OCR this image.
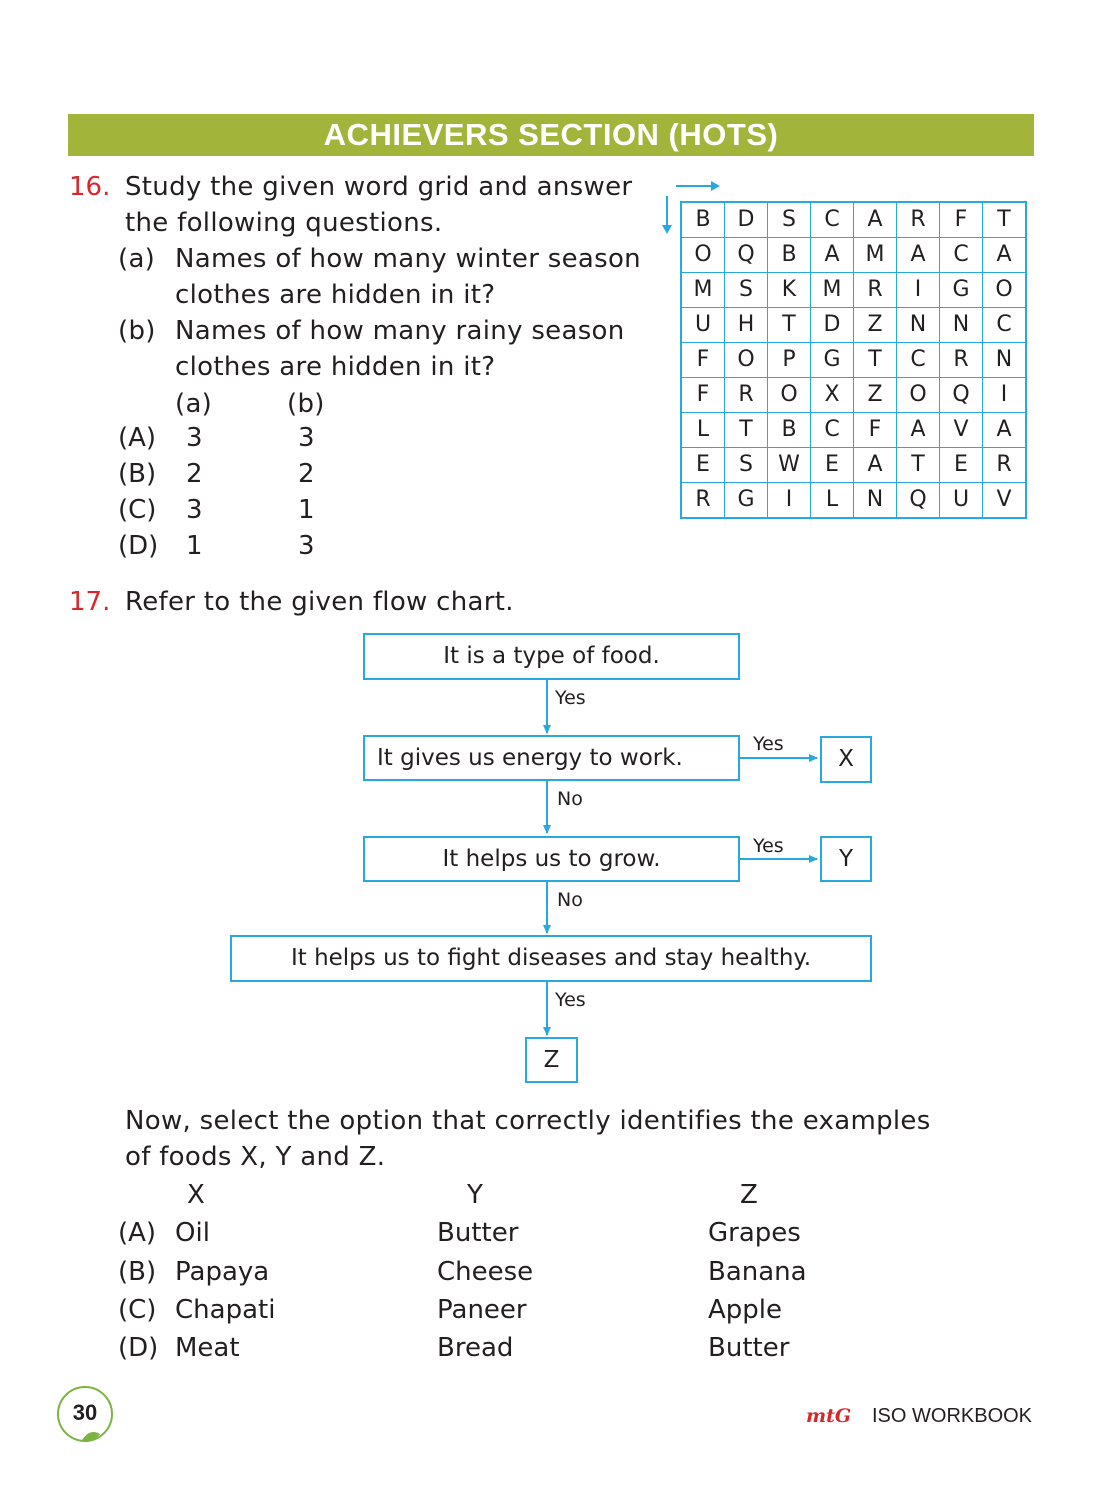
ACHIEVERS SECTION (HOTS)
16. Study the given word grid and answer
the following questions.
(a) Names of how many winter season
clothes are hidden in it?
(b) Names of how many rainy season
clothes are hidden in it?
(a)	(b)
(A) 3	3
(B) 2	2
(C) 3	1
(D) 1	3
B	D	S	C	A	R	F	T
O	Q	B	A	M	A	C	A
M	S	K	M	R	I	G	O
U	H	T	D	Z	N	N	C
F	O	P	G	T	C	R	N
F	R	O	X	Z	O	Q	I
L	T	B	C	F	A	V	A
E	S	W	E	A	T	E	R
R	G	I	L	N	Q	U	V
17. Refer to the given flow chart.
It is a type of food.
It gives us energy to work.
It helps us to grow.
It helps us to fight diseases and stay healthy.
X
Y
Z
Yes
No
No
Yes
Yes
Yes
Now, select the option that correctly identifies the examples
of foods X, Y and Z.
X	Y	Z
(A) Oil	Butter	Grapes
(B) Papaya	Cheese	Banana
(C) Chapati	Paneer	Apple
(D) Meat	Bread	Butter
30	mtG ISO WORKBOOK
